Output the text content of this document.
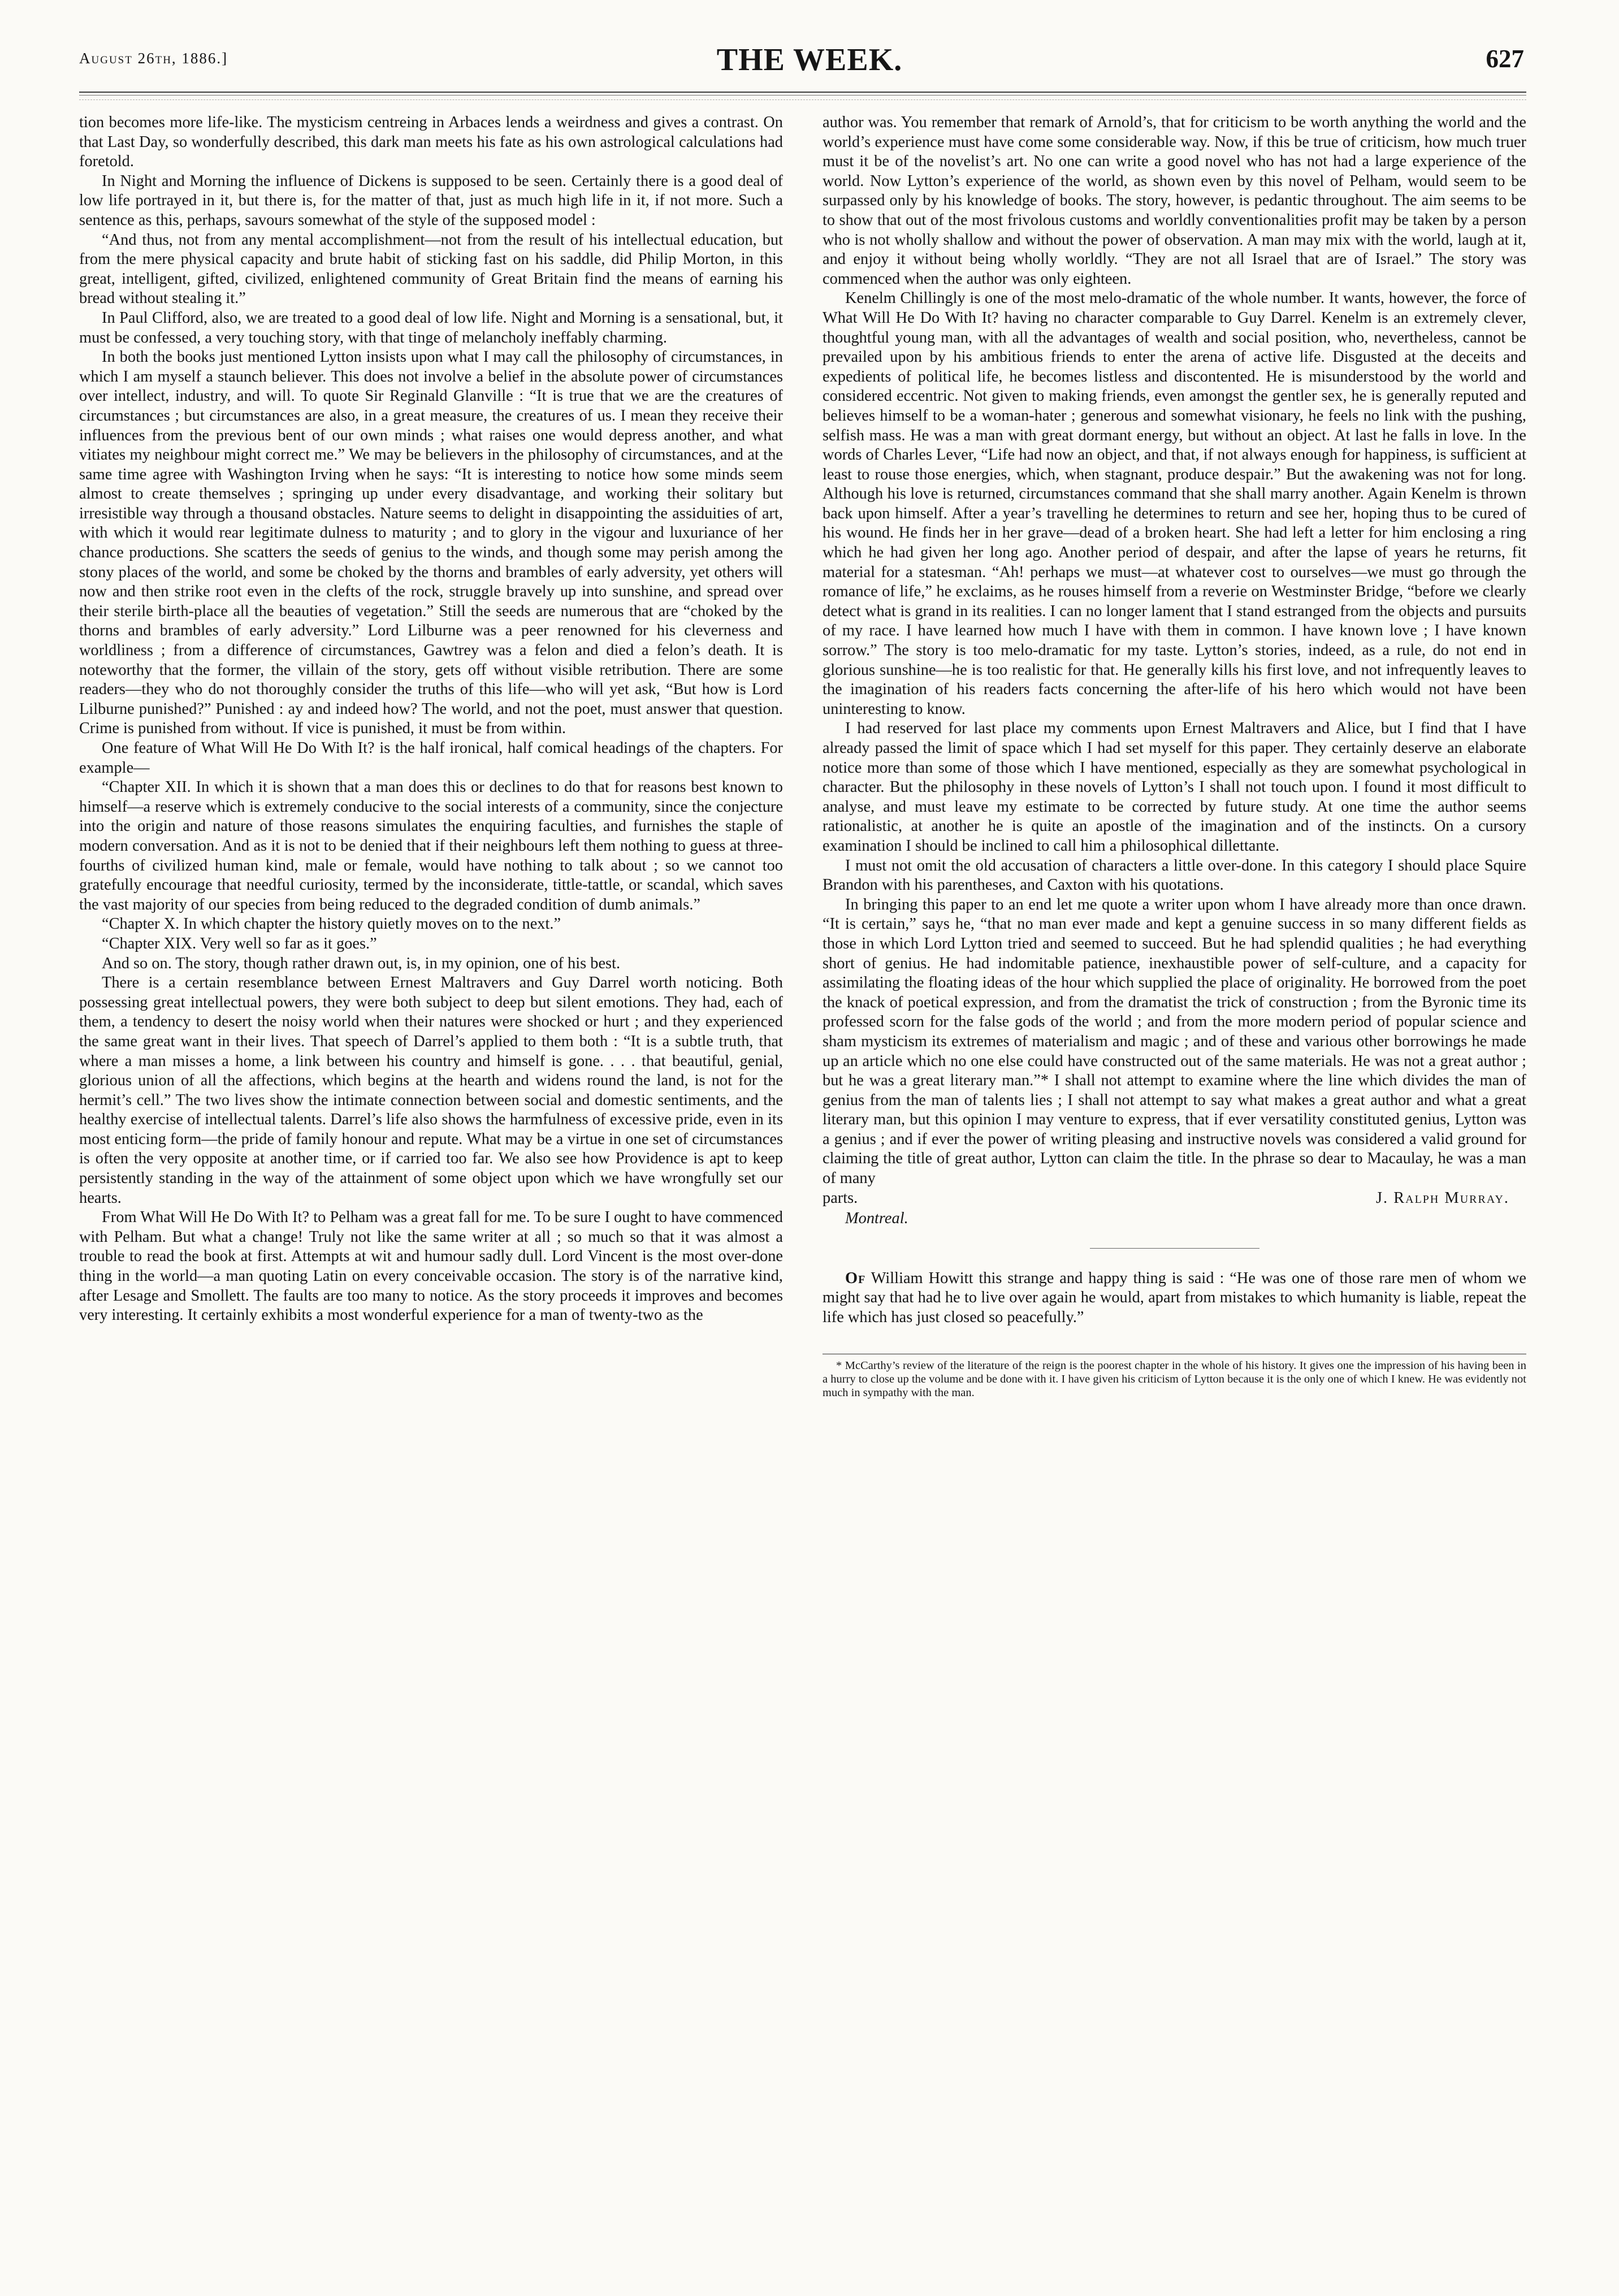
August 26th, 1886.]	THE WEEK.	627

tion becomes more life-like. The mysticism centreing in Arbaces lends a weirdness and gives a contrast. On that Last Day, so wonderfully described, this dark man meets his fate as his own astrological calculations had foretold.

In Night and Morning the influence of Dickens is supposed to be seen. Certainly there is a good deal of low life portrayed in it, but there is, for the matter of that, just as much high life in it, if not more. Such a sentence as this, perhaps, savours somewhat of the style of the supposed model :

“And thus, not from any mental accomplishment—not from the result of his intellectual education, but from the mere physical capacity and brute habit of sticking fast on his saddle, did Philip Morton, in this great, intelligent, gifted, civilized, enlightened community of Great Britain find the means of earning his bread without stealing it.”

In Paul Clifford, also, we are treated to a good deal of low life. Night and Morning is a sensational, but, it must be confessed, a very touching story, with that tinge of melancholy ineffably charming.

In both the books just mentioned Lytton insists upon what I may call the philosophy of circumstances, in which I am myself a staunch believer. This does not involve a belief in the absolute power of circumstances over intellect, industry, and will. To quote Sir Reginald Glanville : “It is true that we are the creatures of circumstances ; but circumstances are also, in a great measure, the creatures of us. I mean they receive their influences from the previous bent of our own minds ; what raises one would depress another, and what vitiates my neighbour might correct me.” We may be believers in the philosophy of circumstances, and at the same time agree with Washington Irving when he says: “It is interesting to notice how some minds seem almost to create themselves ; springing up under every disadvantage, and working their solitary but irresistible way through a thousand obstacles. Nature seems to delight in disappointing the assiduities of art, with which it would rear legitimate dulness to maturity ; and to glory in the vigour and luxuriance of her chance productions. She scatters the seeds of genius to the winds, and though some may perish among the stony places of the world, and some be choked by the thorns and brambles of early adversity, yet others will now and then strike root even in the clefts of the rock, struggle bravely up into sunshine, and spread over their sterile birth-place all the beauties of vegetation.” Still the seeds are numerous that are “choked by the thorns and brambles of early adversity.” Lord Lilburne was a peer renowned for his cleverness and worldliness ; from a difference of circumstances, Gawtrey was a felon and died a felon’s death. It is noteworthy that the former, the villain of the story, gets off without visible retribution. There are some readers—they who do not thoroughly consider the truths of this life—who will yet ask, “But how is Lord Lilburne punished?” Punished : ay and indeed how? The world, and not the poet, must answer that question. Crime is punished from without. If vice is punished, it must be from within.

One feature of What Will He Do With It? is the half ironical, half comical headings of the chapters. For example—

“Chapter XII. In which it is shown that a man does this or declines to do that for reasons best known to himself—a reserve which is extremely conducive to the social interests of a community, since the conjecture into the origin and nature of those reasons simulates the enquiring faculties, and furnishes the staple of modern conversation. And as it is not to be denied that if their neighbours left them nothing to guess at three-fourths of civilized human kind, male or female, would have nothing to talk about ; so we cannot too gratefully encourage that needful curiosity, termed by the inconsiderate, tittle-tattle, or scandal, which saves the vast majority of our species from being reduced to the degraded condition of dumb animals.”

“Chapter X. In which chapter the history quietly moves on to the next.”

“Chapter XIX. Very well so far as it goes.”

And so on. The story, though rather drawn out, is, in my opinion, one of his best.

There is a certain resemblance between Ernest Maltravers and Guy Darrel worth noticing. Both possessing great intellectual powers, they were both subject to deep but silent emotions. They had, each of them, a tendency to desert the noisy world when their natures were shocked or hurt ; and they experienced the same great want in their lives. That speech of Darrel’s applied to them both : “It is a subtle truth, that where a man misses a home, a link between his country and himself is gone. . . . that beautiful, genial, glorious union of all the affections, which begins at the hearth and widens round the land, is not for the hermit’s cell.” The two lives show the intimate connection between social and domestic sentiments, and the healthy exercise of intellectual talents. Darrel’s life also shows the harmfulness of excessive pride, even in its most enticing form—the pride of family honour and repute. What may be a virtue in one set of circumstances is often the very opposite at another time, or if carried too far. We also see how Providence is apt to keep persistently standing in the way of the attainment of some object upon which we have wrongfully set our hearts.

From What Will He Do With It? to Pelham was a great fall for me. To be sure I ought to have commenced with Pelham. But what a change! Truly not like the same writer at all ; so much so that it was almost a trouble to read the book at first. Attempts at wit and humour sadly dull. Lord Vincent is the most over-done thing in the world—a man quoting Latin on every conceivable occasion. The story is of the narrative kind, after Lesage and Smollett. The faults are too many to notice. As the story proceeds it improves and becomes very interesting. It certainly exhibits a most wonderful experience for a man of twenty-two as the

author was. You remember that remark of Arnold’s, that for criticism to be worth anything the world and the world’s experience must have come some considerable way. Now, if this be true of criticism, how much truer must it be of the novelist’s art. No one can write a good novel who has not had a large experience of the world. Now Lytton’s experience of the world, as shown even by this novel of Pelham, would seem to be surpassed only by his knowledge of books. The story, however, is pedantic throughout. The aim seems to be to show that out of the most frivolous customs and worldly conventionalities profit may be taken by a person who is not wholly shallow and without the power of observation. A man may mix with the world, laugh at it, and enjoy it without being wholly worldly. “They are not all Israel that are of Israel.” The story was commenced when the author was only eighteen.

Kenelm Chillingly is one of the most melo-dramatic of the whole number. It wants, however, the force of What Will He Do With It? having no character comparable to Guy Darrel. Kenelm is an extremely clever, thoughtful young man, with all the advantages of wealth and social position, who, nevertheless, cannot be prevailed upon by his ambitious friends to enter the arena of active life. Disgusted at the deceits and expedients of political life, he becomes listless and discontented. He is misunderstood by the world and considered eccentric. Not given to making friends, even amongst the gentler sex, he is generally reputed and believes himself to be a woman-hater ; generous and somewhat visionary, he feels no link with the pushing, selfish mass. He was a man with great dormant energy, but without an object. At last he falls in love. In the words of Charles Lever, “Life had now an object, and that, if not always enough for happiness, is sufficient at least to rouse those energies, which, when stagnant, produce despair.” But the awakening was not for long. Although his love is returned, circumstances command that she shall marry another. Again Kenelm is thrown back upon himself. After a year’s travelling he determines to return and see her, hoping thus to be cured of his wound. He finds her in her grave—dead of a broken heart. She had left a letter for him enclosing a ring which he had given her long ago. Another period of despair, and after the lapse of years he returns, fit material for a statesman. “Ah! perhaps we must—at whatever cost to ourselves—we must go through the romance of life,” he exclaims, as he rouses himself from a reverie on Westminster Bridge, “before we clearly detect what is grand in its realities. I can no longer lament that I stand estranged from the objects and pursuits of my race. I have learned how much I have with them in common. I have known love ; I have known sorrow.” The story is too melo-dramatic for my taste. Lytton’s stories, indeed, as a rule, do not end in glorious sunshine—he is too realistic for that. He generally kills his first love, and not infrequently leaves to the imagination of his readers facts concerning the after-life of his hero which would not have been uninteresting to know.

I had reserved for last place my comments upon Ernest Maltravers and Alice, but I find that I have already passed the limit of space which I had set myself for this paper. They certainly deserve an elaborate notice more than some of those which I have mentioned, especially as they are somewhat psychological in character. But the philosophy in these novels of Lytton’s I shall not touch upon. I found it most difficult to analyse, and must leave my estimate to be corrected by future study. At one time the author seems rationalistic, at another he is quite an apostle of the imagination and of the instincts. On a cursory examination I should be inclined to call him a philosophical dillettante.

I must not omit the old accusation of characters a little over-done. In this category I should place Squire Brandon with his parentheses, and Caxton with his quotations.

In bringing this paper to an end let me quote a writer upon whom I have already more than once drawn. “It is certain,” says he, “that no man ever made and kept a genuine success in so many different fields as those in which Lord Lytton tried and seemed to succeed. But he had splendid qualities ; he had everything short of genius. He had indomitable patience, inexhaustible power of self-culture, and a capacity for assimilating the floating ideas of the hour which supplied the place of originality. He borrowed from the poet the knack of poetical expression, and from the dramatist the trick of construction ; from the Byronic time its professed scorn for the false gods of the world ; and from the more modern period of popular science and sham mysticism its extremes of materialism and magic ; and of these and various other borrowings he made up an article which no one else could have constructed out of the same materials. He was not a great author ; but he was a great literary man.”* I shall not attempt to examine where the line which divides the man of genius from the man of talents lies ; I shall not attempt to say what makes a great author and what a great literary man, but this opinion I may venture to express, that if ever versatility constituted genius, Lytton was a genius ; and if ever the power of writing pleasing and instructive novels was considered a valid ground for claiming the title of great author, Lytton can claim the title. In the phrase so dear to Macaulay, he was a man of many

parts.	J. Ralph Murray.

Montreal.

Of William Howitt this strange and happy thing is said : “He was one of those rare men of whom we might say that had he to live over again he would, apart from mistakes to which humanity is liable, repeat the life which has just closed so peacefully.”

* McCarthy’s review of the literature of the reign is the poorest chapter in the whole of his history. It gives one the impression of his having been in a hurry to close up the volume and be done with it. I have given his criticism of Lytton because it is the only one of which I knew. He was evidently not much in sympathy with the man.
